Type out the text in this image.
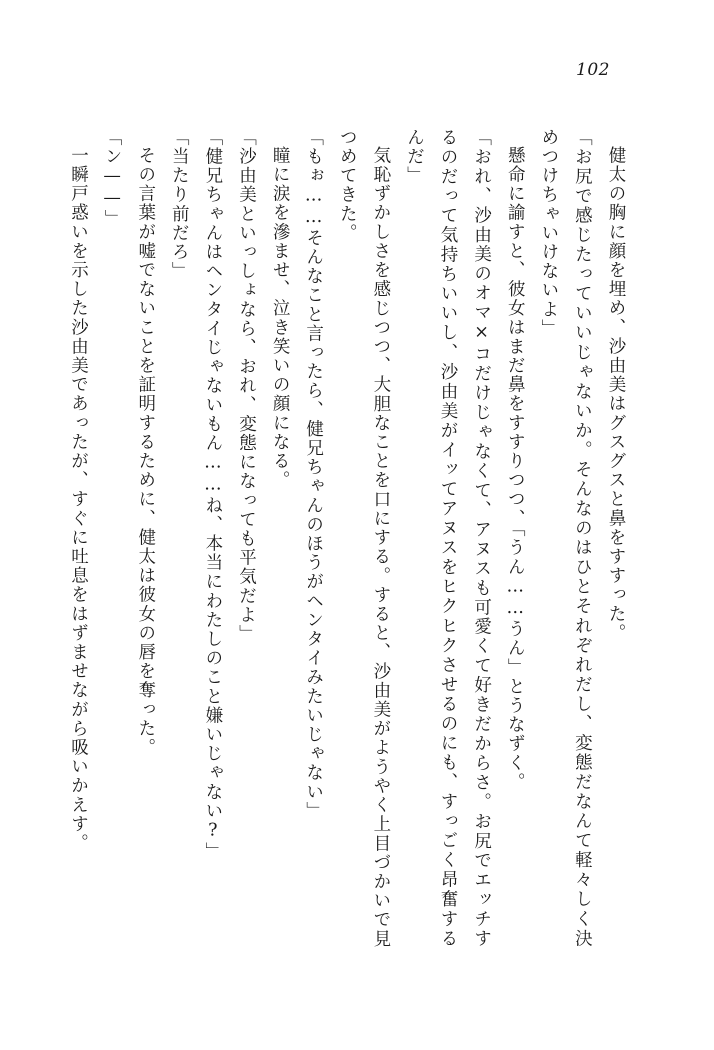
102

健太の胸に顔を埋め、沙由美はグスグスと鼻をすすった。

「お尻で感じたっていいじゃないか。そんなのはひとそれぞれだし、変態だなんて軽々しく決めつけちゃいけないよ」

懸命に諭すと、彼女はまだ鼻をすすりつつ、「うん……うん」とうなずく。

「おれ、沙由美のオマ×コだけじゃなくて、アヌスも可愛くて好きだからさ。お尻でエッチするのだって気持ちいいし、沙由美がイッてアヌスをヒクヒクさせるのにも、すっごく昂奮するんだ」

気恥ずかしさを感じつつ、大胆なことを口にする。すると、沙由美がようやく上目づかいで見つめてきた。

「もぉ……そんなこと言ったら、健兄ちゃんのほうがヘンタイみたいじゃない」

瞳に涙を滲ませ、泣き笑いの顔になる。

「沙由美といっしょなら、おれ、変態になっても平気だよ」

「健兄ちゃんはヘンタイじゃないもん……ね、本当にわたしのこと嫌いじゃない?」

「当たり前だろ」

その言葉が嘘でないことを証明するために、健太は彼女の唇を奪った。

「ン——」

一瞬戸惑いを示した沙由美であったが、すぐに吐息をはずませながら吸いかえす。
